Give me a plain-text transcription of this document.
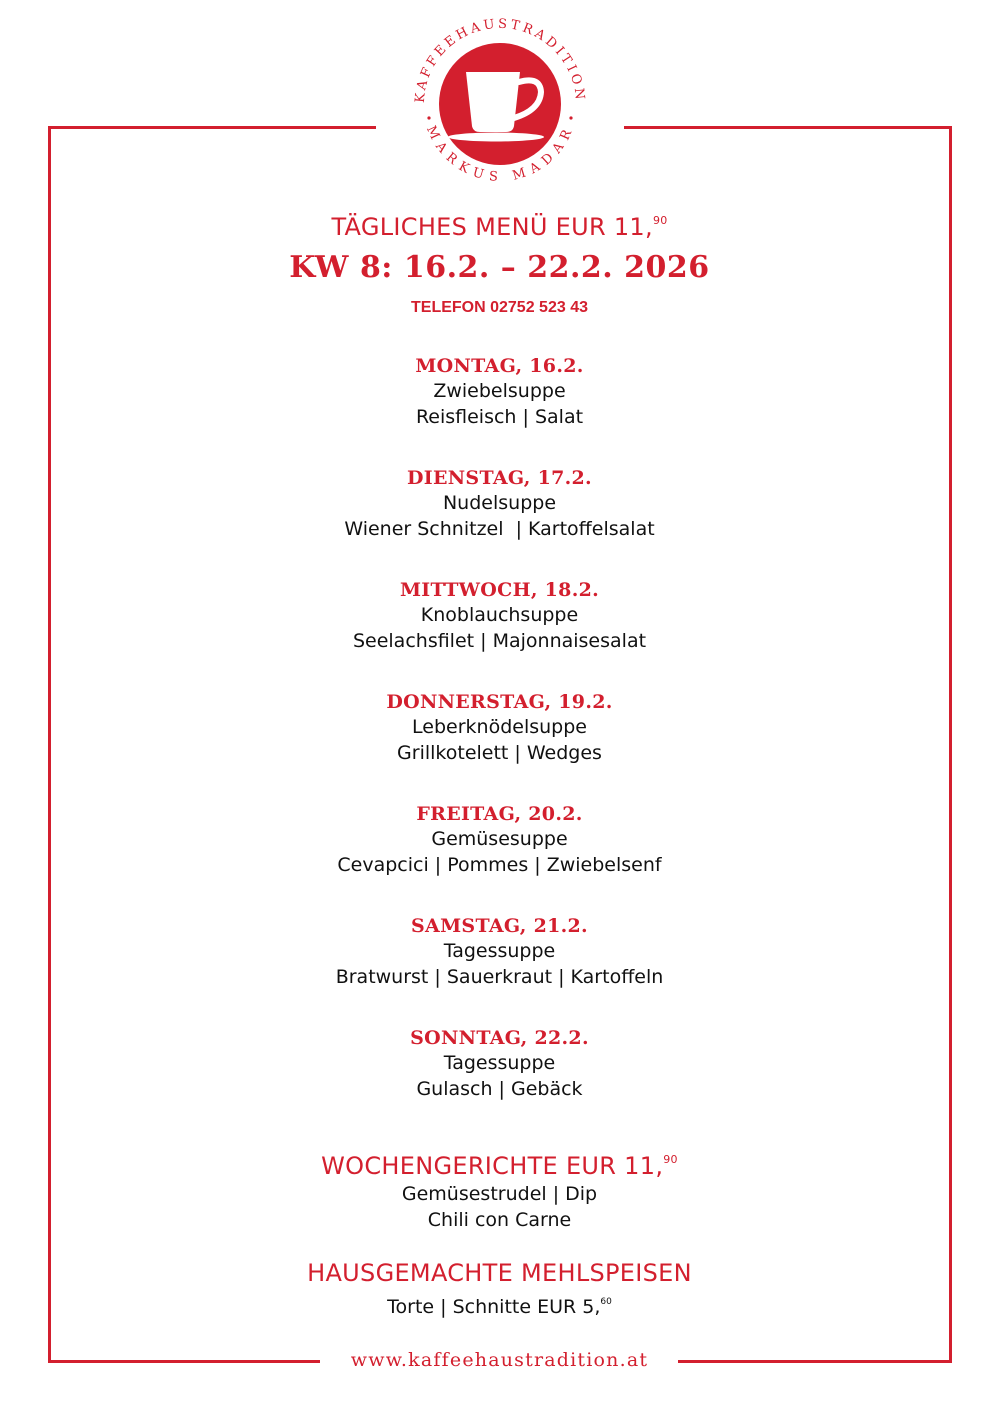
KAFFEEHAUSTRADITION
MARKUS MADAR
TÄGLICHES MENÜ EUR 11,90
KW 8: 16.2. – 22.2. 2026
TELEFON 02752 523 43
MONTAG, 16.2.
Zwiebelsuppe
Reisfleisch | Salat
DIENSTAG, 17.2.
Nudelsuppe
Wiener Schnitzel  | Kartoffelsalat
MITTWOCH, 18.2.
Knoblauchsuppe
Seelachsfilet | Majonnaisesalat
DONNERSTAG, 19.2.
Leberknödelsuppe
Grillkotelett | Wedges
FREITAG, 20.2.
Gemüsesuppe
Cevapcici | Pommes | Zwiebelsenf
SAMSTAG, 21.2.
Tagessuppe
Bratwurst | Sauerkraut | Kartoffeln
SONNTAG, 22.2.
Tagessuppe
Gulasch | Gebäck
WOCHENGERICHTE EUR 11,90
Gemüsestrudel | Dip
Chili con Carne
HAUSGEMACHTE MEHLSPEISEN
Torte | Schnitte EUR 5,60
www.kaffeehaustradition.at
